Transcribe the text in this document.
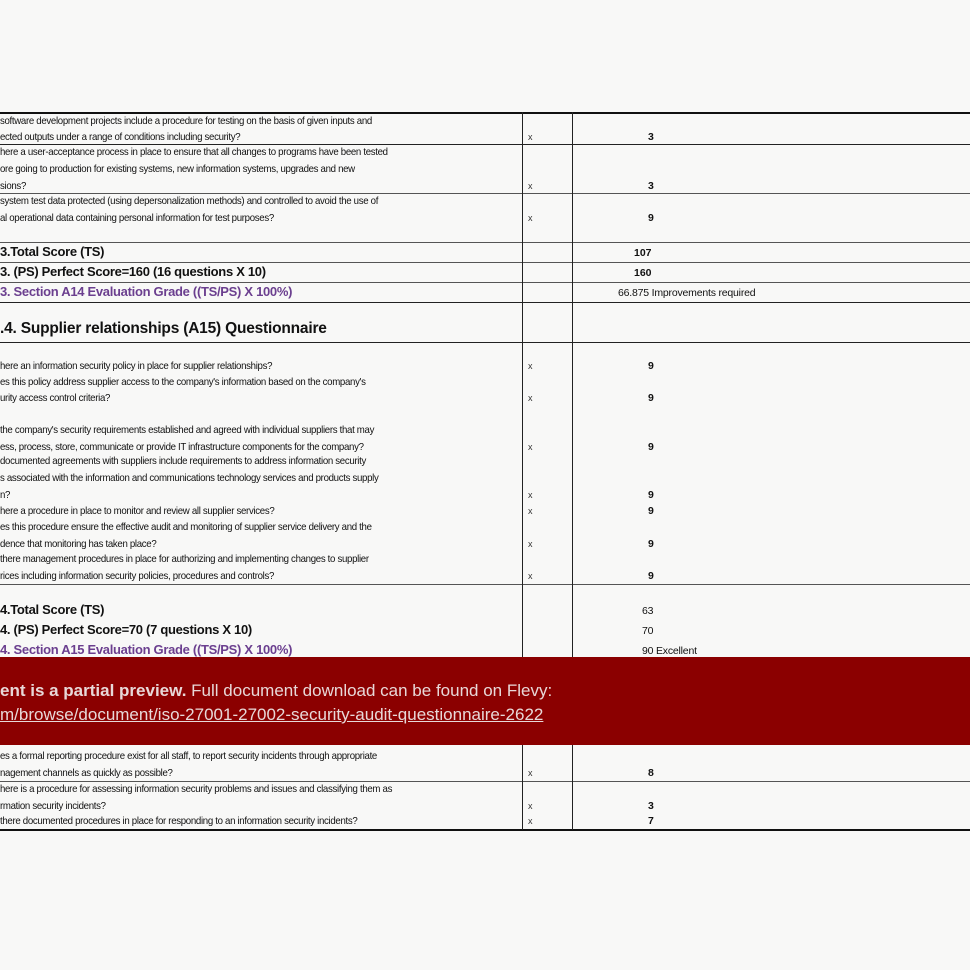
software development projects include a procedure for testing on the basis of given inputs and
ected outputs under a range of conditions including security?	x	3
here a user-acceptance process in place to ensure that all changes to programs have been tested
ore going to production for existing systems, new information systems, upgrades and new
sions?	x	3
system test data protected (using depersonalization methods) and controlled to avoid the use of
al operational data containing personal information for test purposes?	x	9
3.Total Score (TS)	107
3. (PS) Perfect Score=160 (16 questions X 10)	160
3. Section A14 Evaluation Grade ((TS/PS) X 100%)	66.875 Improvements required
.4. Supplier relationships (A15) Questionnaire
here an information security policy in place for supplier relationships?	x	9
es this policy address supplier access to the company's information based on the company's
urity access control criteria?	x	9
the company's security requirements established and agreed with individual suppliers that may
ess, process, store, communicate or provide IT infrastructure components for the company?	x	9
documented agreements with suppliers include requirements to address information security
s associated with the information and communications technology services and products supply
n?	x	9
here a procedure in place to monitor and review all supplier services?	x	9
es this procedure ensure the effective audit and monitoring of supplier service delivery and the
dence that monitoring has taken place?	x	9
there management procedures in place for authorizing and implementing changes to supplier
rices including information security policies, procedures and controls?	x	9
4.Total Score (TS)	63
4. (PS) Perfect Score=70 (7 questions X 10)	70
4. Section A15 Evaluation Grade ((TS/PS) X 100%)	90 Excellent
es a formal reporting procedure exist for all staff, to report security incidents through appropriate
nagement channels as quickly as possible?	x	8
here is a procedure for assessing information security problems and issues and classifying them as
rmation security incidents?	x	3
there documented procedures in place for responding to an information security incidents?	x	7
ent is a partial preview. Full document download can be found on Flevy:
m/browse/document/iso-27001-27002-security-audit-questionnaire-2622
